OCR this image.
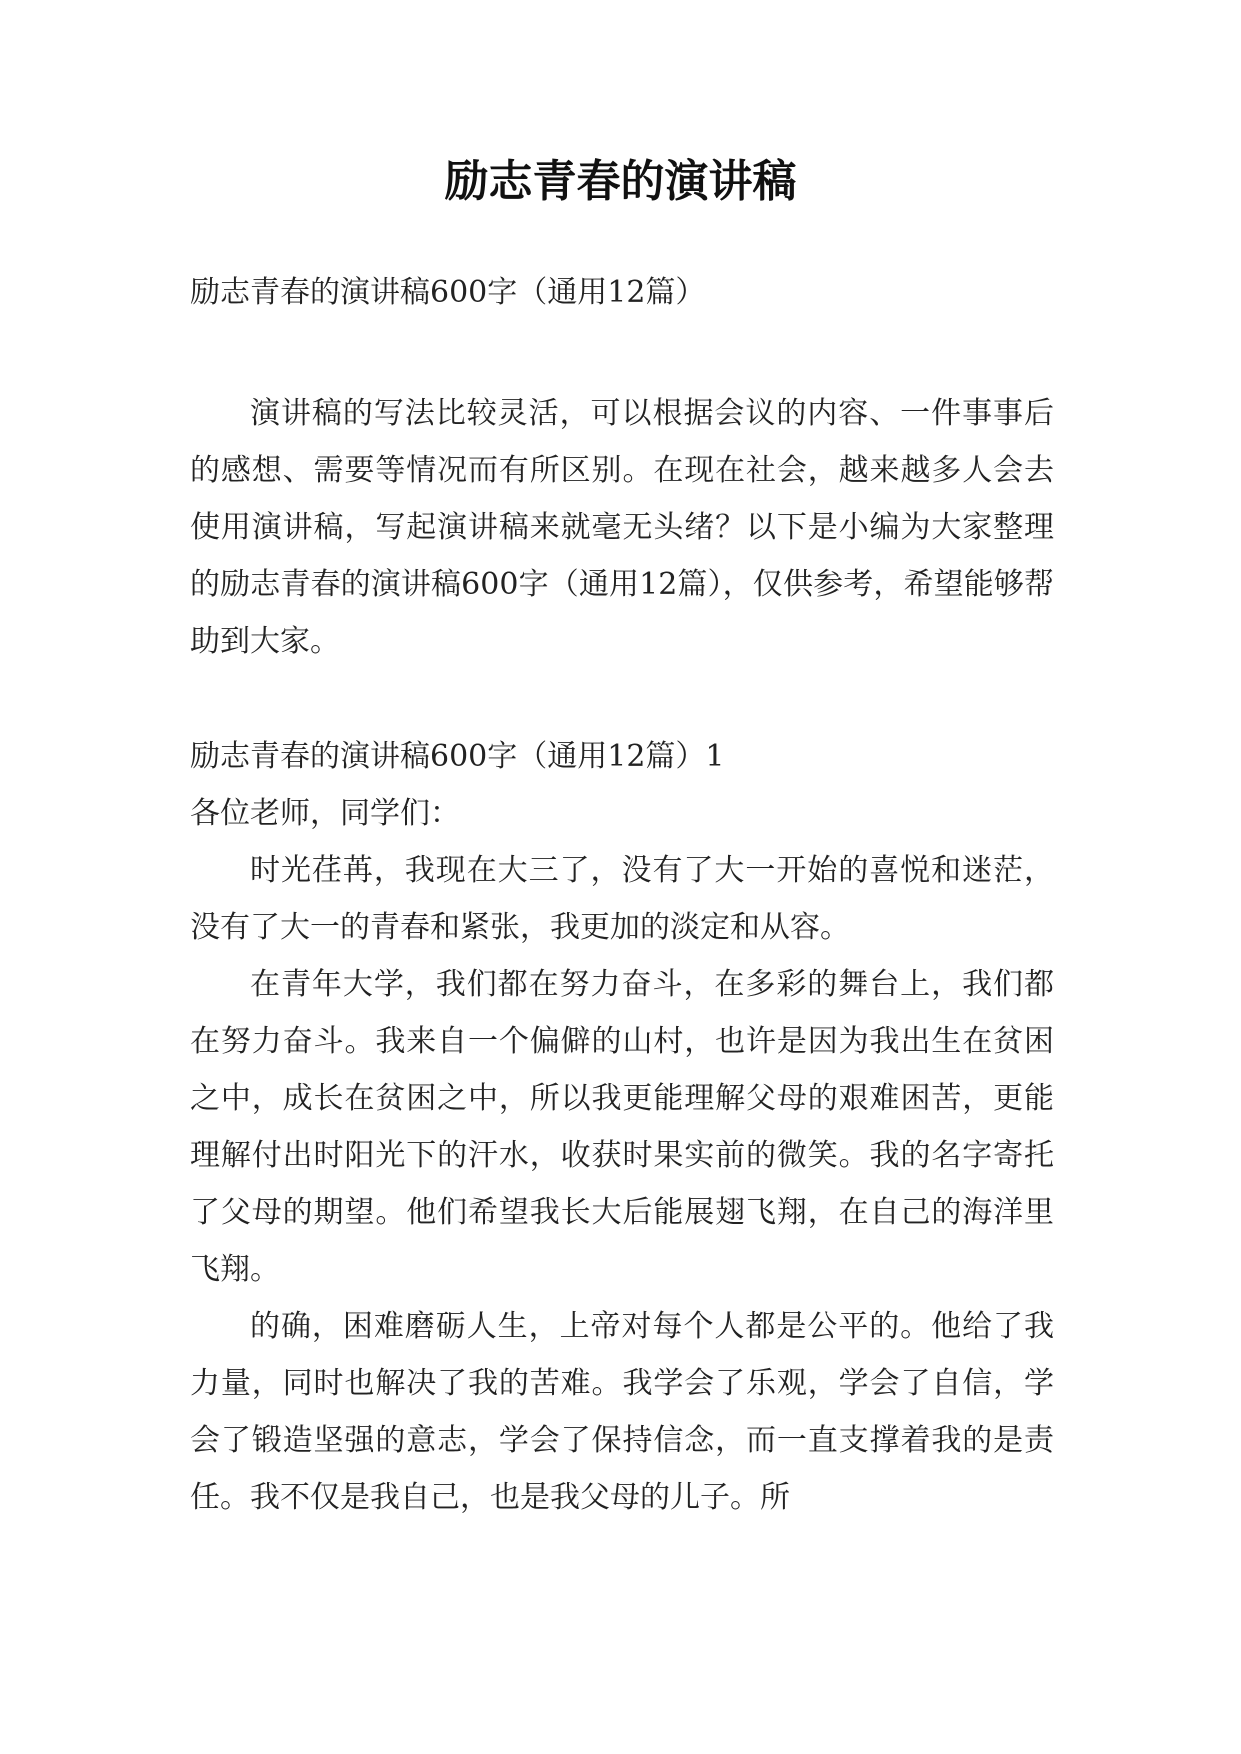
励志青春的演讲稿

励志青春的演讲稿600字（通用12篇）

演讲稿的写法比较灵活，可以根据会议的内容、一件事事后的感想、需要等情况而有所区别。在现在社会，越来越多人会去使用演讲稿，写起演讲稿来就毫无头绪？以下是小编为大家整理的励志青春的演讲稿600字（通用12篇），仅供参考，希望能够帮助到大家。

励志青春的演讲稿600字（通用12篇）1

各位老师，同学们：

时光荏苒，我现在大三了，没有了大一开始的喜悦和迷茫，没有了大一的青春和紧张，我更加的淡定和从容。

在青年大学，我们都在努力奋斗，在多彩的舞台上，我们都在努力奋斗。我来自一个偏僻的山村，也许是因为我出生在贫困之中，成长在贫困之中，所以我更能理解父母的艰难困苦，更能理解付出时阳光下的汗水，收获时果实前的微笑。我的名字寄托了父母的期望。他们希望我长大后能展翅飞翔，在自己的海洋里飞翔。

的确，困难磨砺人生，上帝对每个人都是公平的。他给了我力量，同时也解决了我的苦难。我学会了乐观，学会了自信，学会了锻造坚强的意志，学会了保持信念，而一直支撑着我的是责任。我不仅是我自己，也是我父母的儿子。所
